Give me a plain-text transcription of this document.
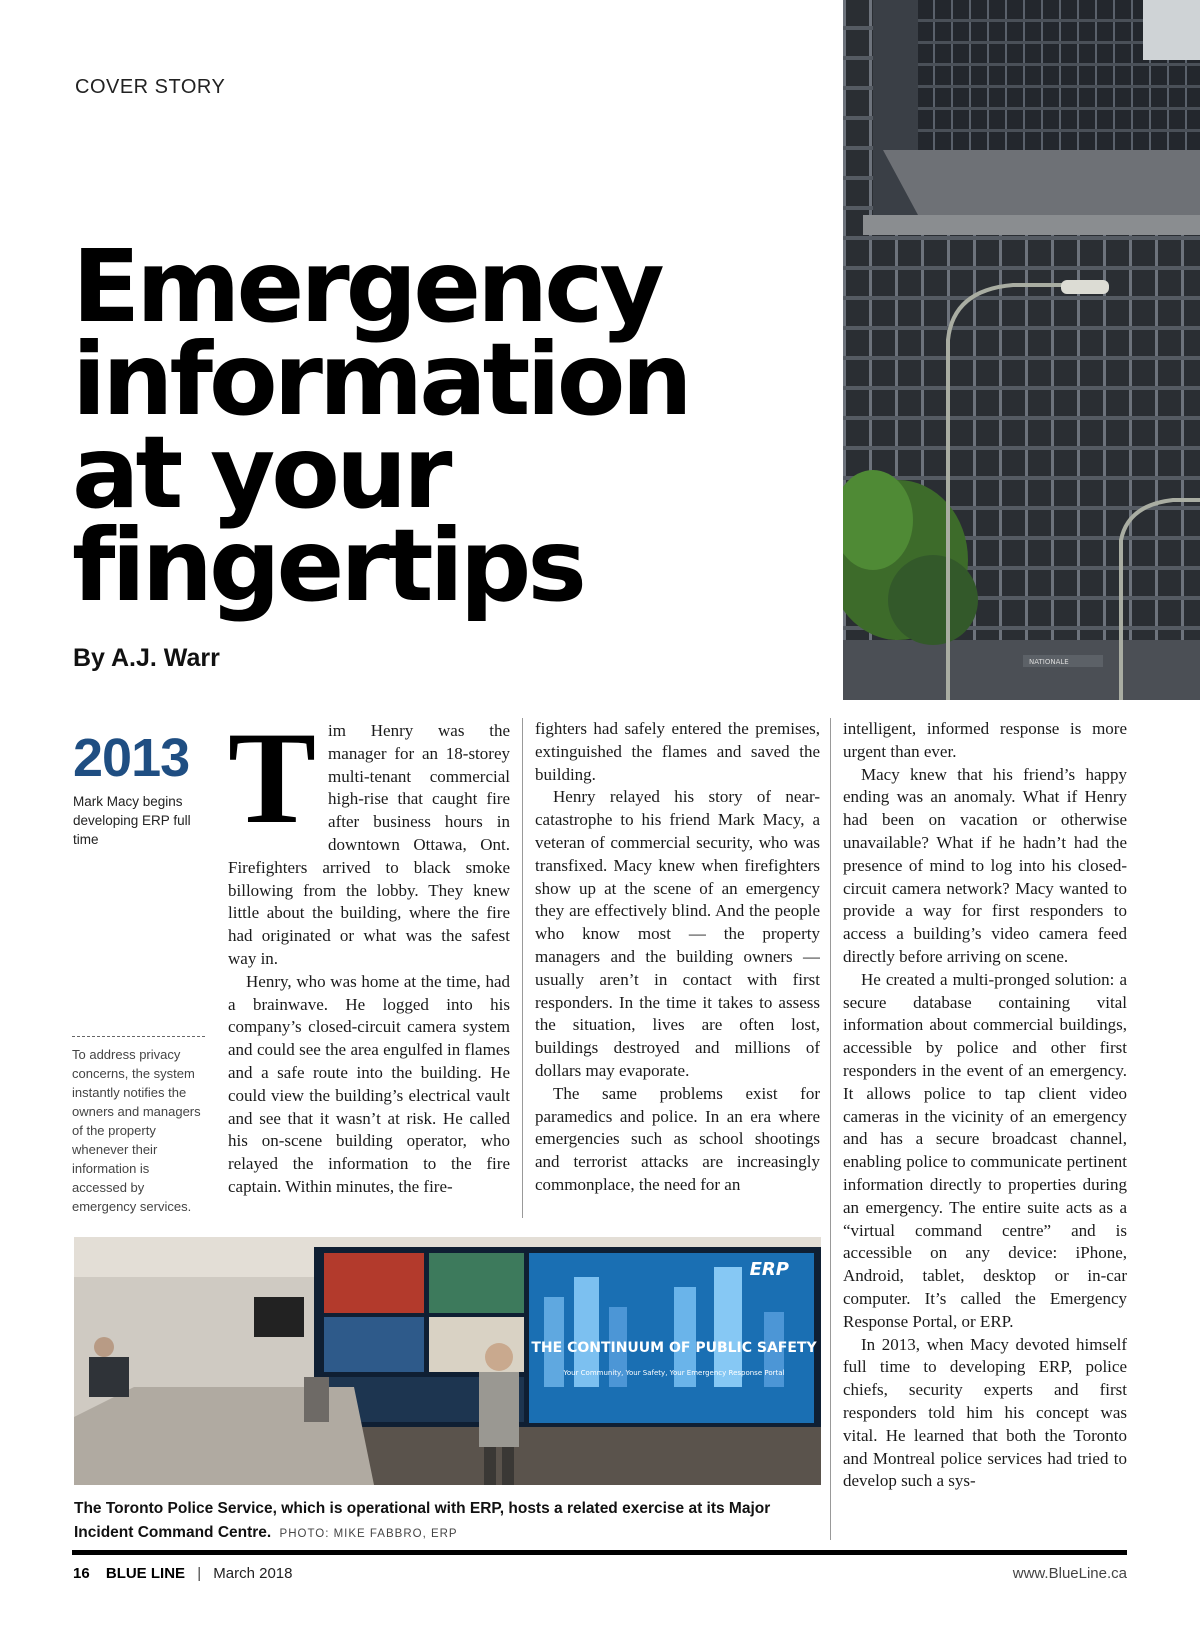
COVER STORY
Emergency
information
at your
fingertips
By A.J. Warr	NATIONALE
2013
Mark Macy begins developing ERP full time
To address privacy concerns, the system instantly notifies the owners and managers of the property whenever their information is accessed by emergency services.
T im Henry was the manager for an 18-storey multi-tenant commercial high-rise that caught fire after business hours in downtown Ottawa, Ont. Firefighters arrived to black smoke billowing from the lobby. They knew little about the building, where the fire had originated or what was the safest way in.

Henry, who was home at the time, had a brainwave. He logged into his company’s closed-circuit camera system and could see the area engulfed in flames and a safe route into the building. He could view the building’s electrical vault and see that it wasn’t at risk. He called his on-scene building operator, who relayed the information to the fire captain. Within minutes, the fire-

fighters had safely entered the premises, extinguished the flames and saved the building.

Henry relayed his story of near-catastrophe to his friend Mark Macy, a veteran of commercial security, who was transfixed. Macy knew when firefighters show up at the scene of an emergency they are effectively blind. And the people who know most — the property managers and the building owners — usually aren’t in contact with first responders. In the time it takes to assess the situation, lives are often lost, buildings destroyed and millions of dollars may evaporate.

The same problems exist for paramedics and police. In an era where emergencies such as school shootings and terrorist attacks are increasingly commonplace, the need for an

intelligent, informed response is more urgent than ever.

Macy knew that his friend’s happy ending was an anomaly. What if Henry had been on vacation or otherwise unavailable? What if he hadn’t had the presence of mind to log into his closed-circuit camera network? Macy wanted to provide a way for first responders to access a building’s video camera feed directly before arriving on scene.

He created a multi-pronged solution: a secure database containing vital information about commercial buildings, accessible by police and other first responders in the event of an emergency. It allows police to tap client video cameras in the vicinity of an emergency and has a secure broadcast channel, enabling police to communicate pertinent information directly to properties during an emergency. The entire suite acts as a “virtual command centre” and is accessible on any device: iPhone, Android, tablet, desktop or in-car computer. It’s called the Emergency Response Portal, or ERP.

In 2013, when Macy devoted himself full time to developing ERP, police chiefs, security experts and first responders told him his concept was vital. He learned that both the Toronto and Montreal police services had tried to develop such a sys-

ERP
THE CONTINUUM OF PUBLIC SAFETY
Your Community, Your Safety, Your Emergency Response Portal
The Toronto Police Service, which is operational with ERP, hosts a related exercise at its Major Incident Command Centre. PHOTO: MIKE FABBRO, ERP
16 BLUE LINE | March 2018	www.BlueLine.ca
